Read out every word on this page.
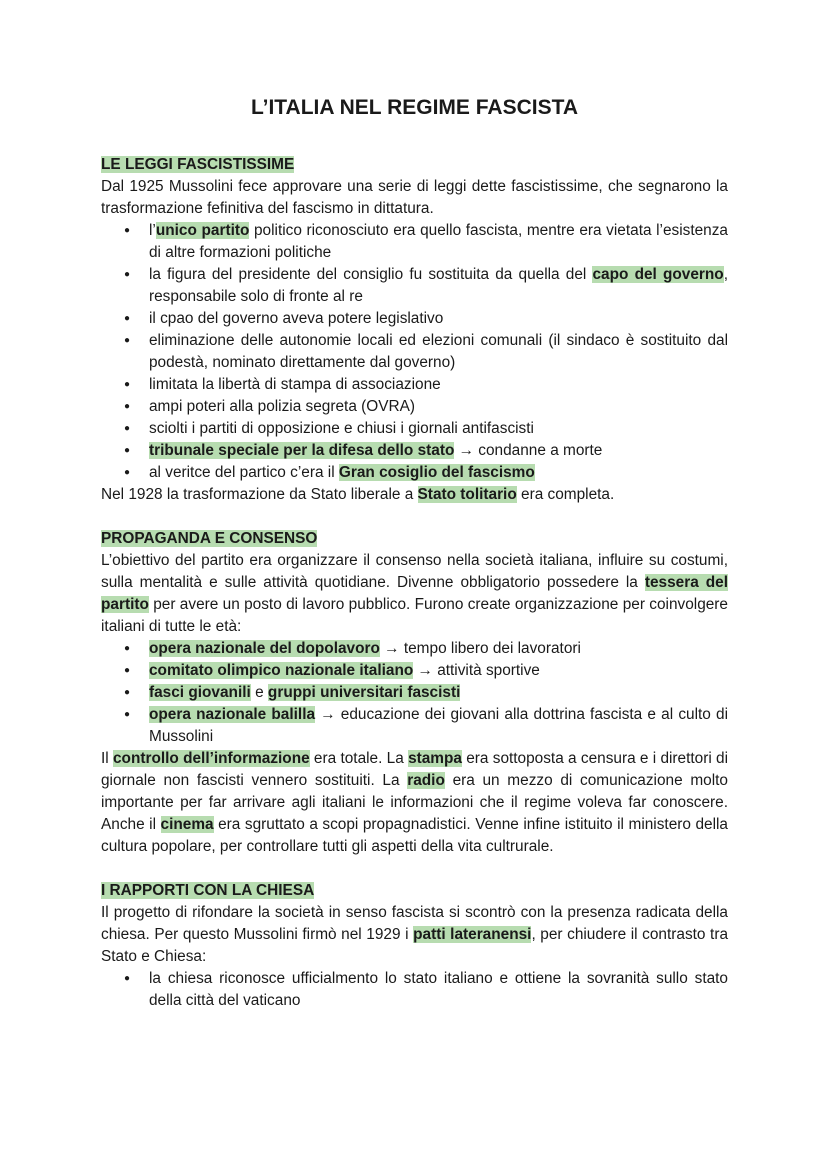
L’ITALIA NEL REGIME FASCISTA
LE LEGGI FASCISTISSIME

Dal 1925 Mussolini fece approvare una serie di leggi dette fascistissime, che segnarono la trasformazione fefinitiva del fascismo in dittatura.

● l’unico partito politico riconosciuto era quello fascista, mentre era vietata l’esistenza di altre formazioni politiche
● la figura del presidente del consiglio fu sostituita da quella del capo del governo, responsabile solo di fronte al re
● il cpao del governo aveva potere legislativo
● eliminazione delle autonomie locali ed elezioni comunali (il sindaco è sostituito dal podestà, nominato direttamente dal governo)
● limitata la libertà di stampa di associazione
● ampi poteri alla polizia segreta (OVRA)
● sciolti i partiti di opposizione e chiusi i giornali antifascisti
● tribunale speciale per la difesa dello stato → condanne a morte
● al veritce del partico c’era il Gran cosiglio del fascismo

Nel 1928 la trasformazione da Stato liberale a Stato tolitario era completa.

PROPAGANDA E CONSENSO

L’obiettivo del partito era organizzare il consenso nella società italiana, influire su costumi, sulla mentalità e sulle attività quotidiane. Divenne obbligatorio possedere la tessera del partito per avere un posto di lavoro pubblico. Furono create organizzazione per coinvolgere italiani di tutte le età:

● opera nazionale del dopolavoro → tempo libero dei lavoratori
● comitato olimpico nazionale italiano → attività sportive
● fasci giovanili e gruppi universitari fascisti
● opera nazionale balilla → educazione dei giovani alla dottrina fascista e al culto di Mussolini

Il controllo dell’informazione era totale. La stampa era sottoposta a censura e i direttori di giornale non fascisti vennero sostituiti. La radio era un mezzo di comunicazione molto importante per far arrivare agli italiani le informazioni che il regime voleva far conoscere. Anche il cinema era sgruttato a scopi propagnadistici. Venne infine istituito il ministero della cultura popolare, per controllare tutti gli aspetti della vita cultrurale.

I RAPPORTI CON LA CHIESA

Il progetto di rifondare la società in senso fascista si scontrò con la presenza radicata della chiesa. Per questo Mussolini firmò nel 1929 i patti lateranensi, per chiudere il contrasto tra Stato e Chiesa:

● la chiesa riconosce ufficialmento lo stato italiano e ottiene la sovranità sullo stato della città del vaticano
